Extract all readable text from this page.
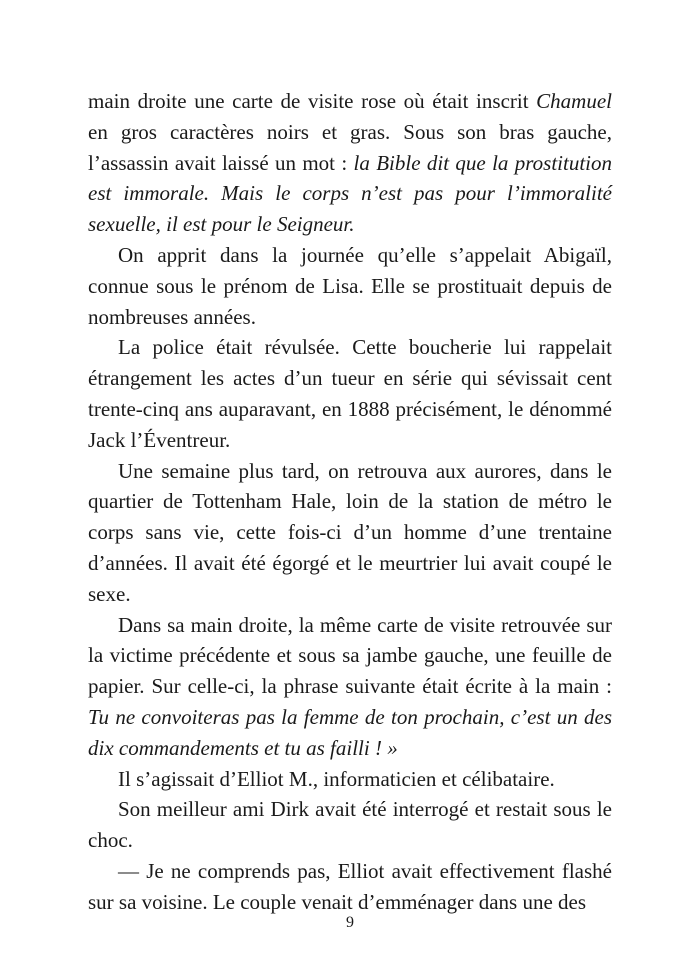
main droite une carte de visite rose où était inscrit Chamuel en gros caractères noirs et gras. Sous son bras gauche, l’assassin avait laissé un mot : la Bible dit que la prostitution est immorale. Mais le corps n’est pas pour l’immoralité sexuelle, il est pour le Seigneur.

On apprit dans la journée qu’elle s’appelait Abigaïl, connue sous le prénom de Lisa. Elle se prostituait depuis de nombreuses années.

La police était révulsée. Cette boucherie lui rappelait étrangement les actes d’un tueur en série qui sévissait cent trente-cinq ans auparavant, en 1888 précisément, le dénommé Jack l’Éventreur.

Une semaine plus tard, on retrouva aux aurores, dans le quartier de Tottenham Hale, loin de la station de métro le corps sans vie, cette fois-ci d’un homme d’une trentaine d’années. Il avait été égorgé et le meurtrier lui avait coupé le sexe.

Dans sa main droite, la même carte de visite retrouvée sur la victime précédente et sous sa jambe gauche, une feuille de papier. Sur celle-ci, la phrase suivante était écrite à la main : Tu ne convoiteras pas la femme de ton prochain, c’est un des dix commandements et tu as failli ! »

Il s’agissait d’Elliot M., informaticien et célibataire.

Son meilleur ami Dirk avait été interrogé et restait sous le choc.

— Je ne comprends pas, Elliot avait effectivement flashé sur sa voisine. Le couple venait d’emménager dans une des

9
